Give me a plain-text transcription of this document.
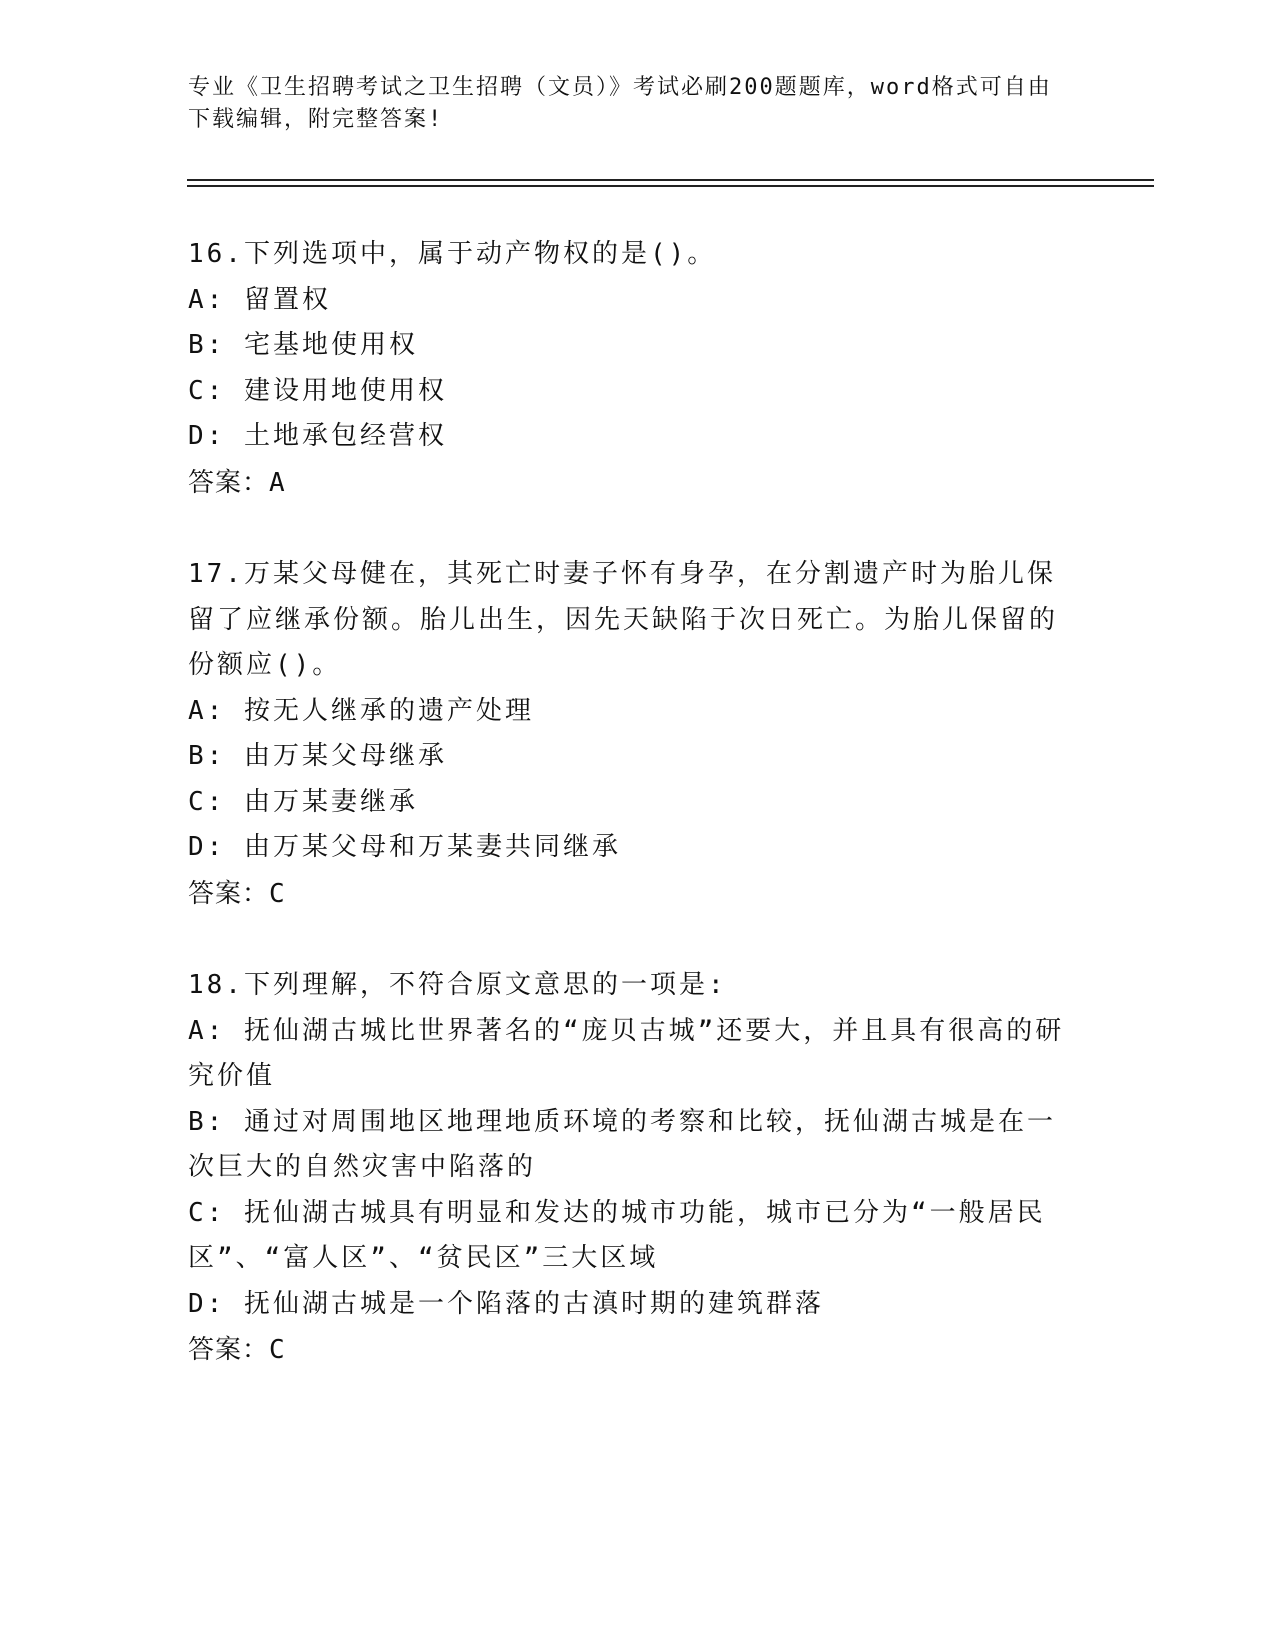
专业《卫生招聘考试之卫生招聘（文员）》考试必刷200题题库，word格式可自由下载编辑，附完整答案!

16.下列选项中，属于动产物权的是()。

A: 留置权

B: 宅基地使用权

C: 建设用地使用权

D: 土地承包经营权

答案：A

17.万某父母健在，其死亡时妻子怀有身孕，在分割遗产时为胎儿保留了应继承份额。胎儿出生，因先天缺陷于次日死亡。为胎儿保留的份额应()。

A: 按无人继承的遗产处理

B: 由万某父母继承

C: 由万某妻继承

D: 由万某父母和万某妻共同继承

答案：C

18.下列理解，不符合原文意思的一项是:

A: 抚仙湖古城比世界著名的“庞贝古城”还要大，并且具有很高的研究价值

B: 通过对周围地区地理地质环境的考察和比较，抚仙湖古城是在一次巨大的自然灾害中陷落的

C: 抚仙湖古城具有明显和发达的城市功能，城市已分为“一般居民区”、“富人区”、“贫民区”三大区域

D: 抚仙湖古城是一个陷落的古滇时期的建筑群落

答案：C
